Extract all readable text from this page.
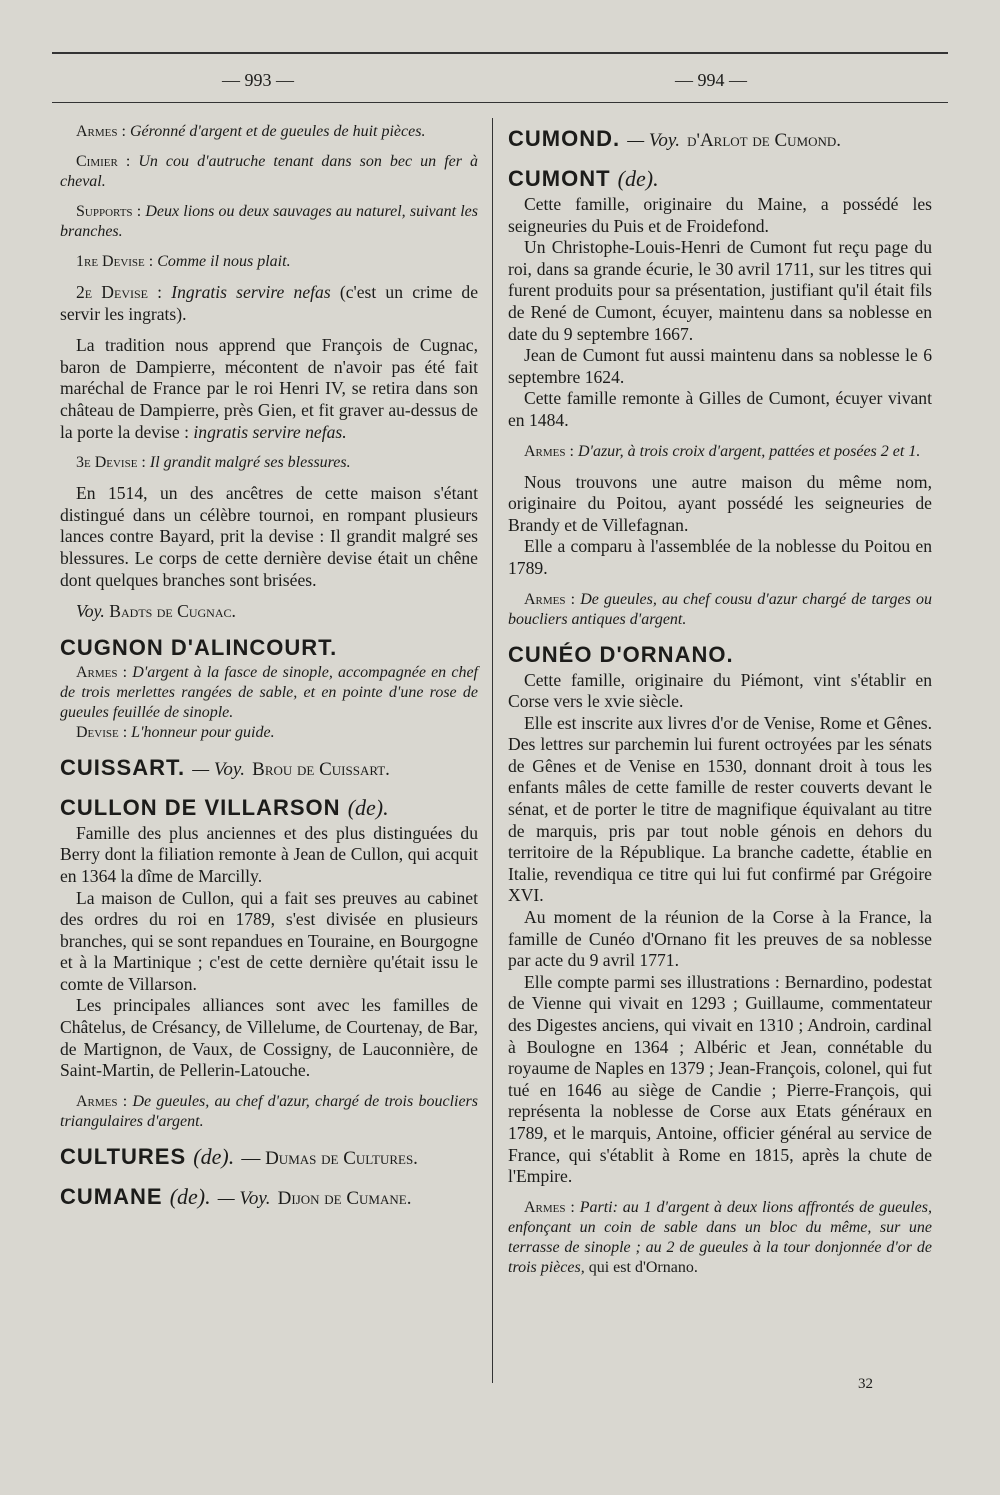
— 993 —	— 994 —

Armes : Géronné d'argent et de gueules de huit pièces.

Cimier : Un cou d'autruche tenant dans son bec un fer à cheval.

Supports : Deux lions ou deux sauvages au naturel, suivant les branches.

1re Devise : Comme il nous plait.

2e Devise : Ingratis servire nefas (c'est un crime de servir les ingrats).

La tradition nous apprend que François de Cugnac, baron de Dampierre, mécontent de n'avoir pas été fait maréchal de France par le roi Henri IV, se retira dans son château de Dampierre, près Gien, et fit graver au-dessus de la porte la devise : ingratis servire nefas.

3e Devise : Il grandit malgré ses blessures.

En 1514, un des ancêtres de cette maison s'étant distingué dans un célèbre tournoi, en rompant plusieurs lances contre Bayard, prit la devise : Il grandit malgré ses blessures. Le corps de cette dernière devise était un chêne dont quelques branches sont brisées.

Voy. Badts de Cugnac.

CUGNON D'ALINCOURT.

Armes : D'argent à la fasce de sinople, accompagnée en chef de trois merlettes rangées de sable, et en pointe d'une rose de gueules feuillée de sinople.

Devise : L'honneur pour guide.

CUISSART. — Voy. Brou de Cuissart.
CULLON DE VILLARSON (de).

Famille des plus anciennes et des plus distinguées du Berry dont la filiation remonte à Jean de Cullon, qui acquit en 1364 la dîme de Marcilly.

La maison de Cullon, qui a fait ses preuves au cabinet des ordres du roi en 1789, s'est divisée en plusieurs branches, qui se sont repandues en Touraine, en Bourgogne et à la Martinique ; c'est de cette dernière qu'était issu le comte de Villarson.

Les principales alliances sont avec les familles de Châtelus, de Crésancy, de Villelume, de Courtenay, de Bar, de Martignon, de Vaux, de Cossigny, de Lauconnière, de Saint-Martin, de Pellerin-Latouche.

Armes : De gueules, au chef d'azur, chargé de trois boucliers triangulaires d'argent.

CULTURES (de). — Dumas de Cultures.
CUMANE (de). — Voy. Dijon de Cumane.
CUMOND. — Voy. d'Arlot de Cumond.
CUMONT (de).

Cette famille, originaire du Maine, a possédé les seigneuries du Puis et de Froidefond.

Un Christophe-Louis-Henri de Cumont fut reçu page du roi, dans sa grande écurie, le 30 avril 1711, sur les titres qui furent produits pour sa présentation, justifiant qu'il était fils de René de Cumont, écuyer, maintenu dans sa noblesse en date du 9 septembre 1667.

Jean de Cumont fut aussi maintenu dans sa noblesse le 6 septembre 1624.

Cette famille remonte à Gilles de Cumont, écuyer vivant en 1484.

Armes : D'azur, à trois croix d'argent, pattées et posées 2 et 1.

Nous trouvons une autre maison du même nom, originaire du Poitou, ayant possédé les seigneuries de Brandy et de Villefagnan.

Elle a comparu à l'assemblée de la noblesse du Poitou en 1789.

Armes : De gueules, au chef cousu d'azur chargé de targes ou boucliers antiques d'argent.

CUNÉO D'ORNANO.

Cette famille, originaire du Piémont, vint s'établir en Corse vers le xvie siècle.

Elle est inscrite aux livres d'or de Venise, Rome et Gênes. Des lettres sur parchemin lui furent octroyées par les sénats de Gênes et de Venise en 1530, donnant droit à tous les enfants mâles de cette famille de rester couverts devant le sénat, et de porter le titre de magnifique équivalant au titre de marquis, pris par tout noble génois en dehors du territoire de la République. La branche cadette, établie en Italie, revendiqua ce titre qui lui fut confirmé par Grégoire XVI.

Au moment de la réunion de la Corse à la France, la famille de Cunéo d'Ornano fit les preuves de sa noblesse par acte du 9 avril 1771.

Elle compte parmi ses illustrations : Bernardino, podestat de Vienne qui vivait en 1293 ; Guillaume, commentateur des Digestes anciens, qui vivait en 1310 ; Androin, cardinal à Boulogne en 1364 ; Albéric et Jean, connétable du royaume de Naples en 1379 ; Jean-François, colonel, qui fut tué en 1646 au siège de Candie ; Pierre-François, qui représenta la noblesse de Corse aux Etats généraux en 1789, et le marquis, Antoine, officier général au service de France, qui s'établit à Rome en 1815, après la chute de l'Empire.

Armes : Parti: au 1 d'argent à deux lions affrontés de gueules, enfonçant un coin de sable dans un bloc du même, sur une terrasse de sinople ; au 2 de gueules à la tour donjonnée d'or de trois pièces, qui est d'Ornano.

32
